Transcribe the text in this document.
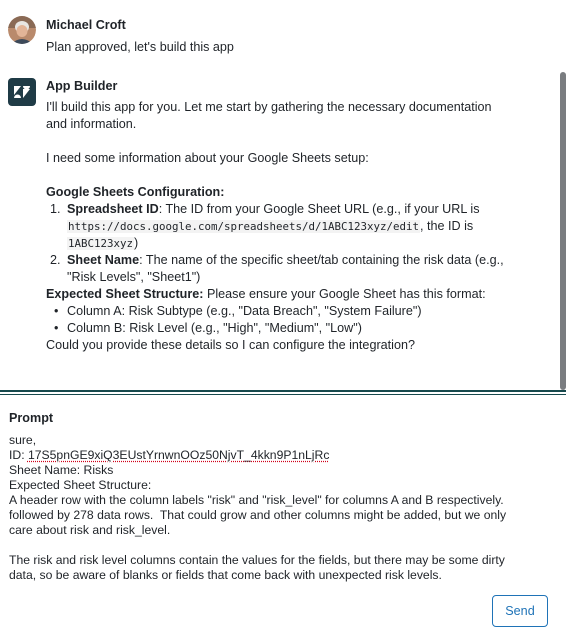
Michael Croft
Plan approved, let's build this app
App Builder

I'll build this app for you. Let me start by gathering the necessary documentation and information.

I need some information about your Google Sheets setup:

Google Sheets Configuration:

1. Spreadsheet ID: The ID from your Google Sheet URL (e.g., if your URL is https://docs.google.com/spreadsheets/d/1ABC123xyz/edit, the ID is 1ABC123xyz)
2. Sheet Name: The name of the specific sheet/tab containing the risk data (e.g., "Risk Levels", "Sheet1")

Expected Sheet Structure: Please ensure your Google Sheet has this format:

• Column A: Risk Subtype (e.g., "Data Breach", "System Failure")
• Column B: Risk Level (e.g., "High", "Medium", "Low")

Could you provide these details so I can configure the integration?

Prompt
sure,
ID: 17S5pnGE9xiQ3EUstYrnwnOOz50NjvT_4kkn9P1nLjRc
Sheet Name: Risks
Expected Sheet Structure:
A header row with the column labels "risk" and "risk_level" for columns A and B respectively.
followed by 278 data rows.  That could grow and other columns might be added, but we only
care about risk and risk_level.

The risk and risk level columns contain the values for the fields, but there may be some dirty
data, so be aware of blanks or fields that come back with unexpected risk levels.
Send
